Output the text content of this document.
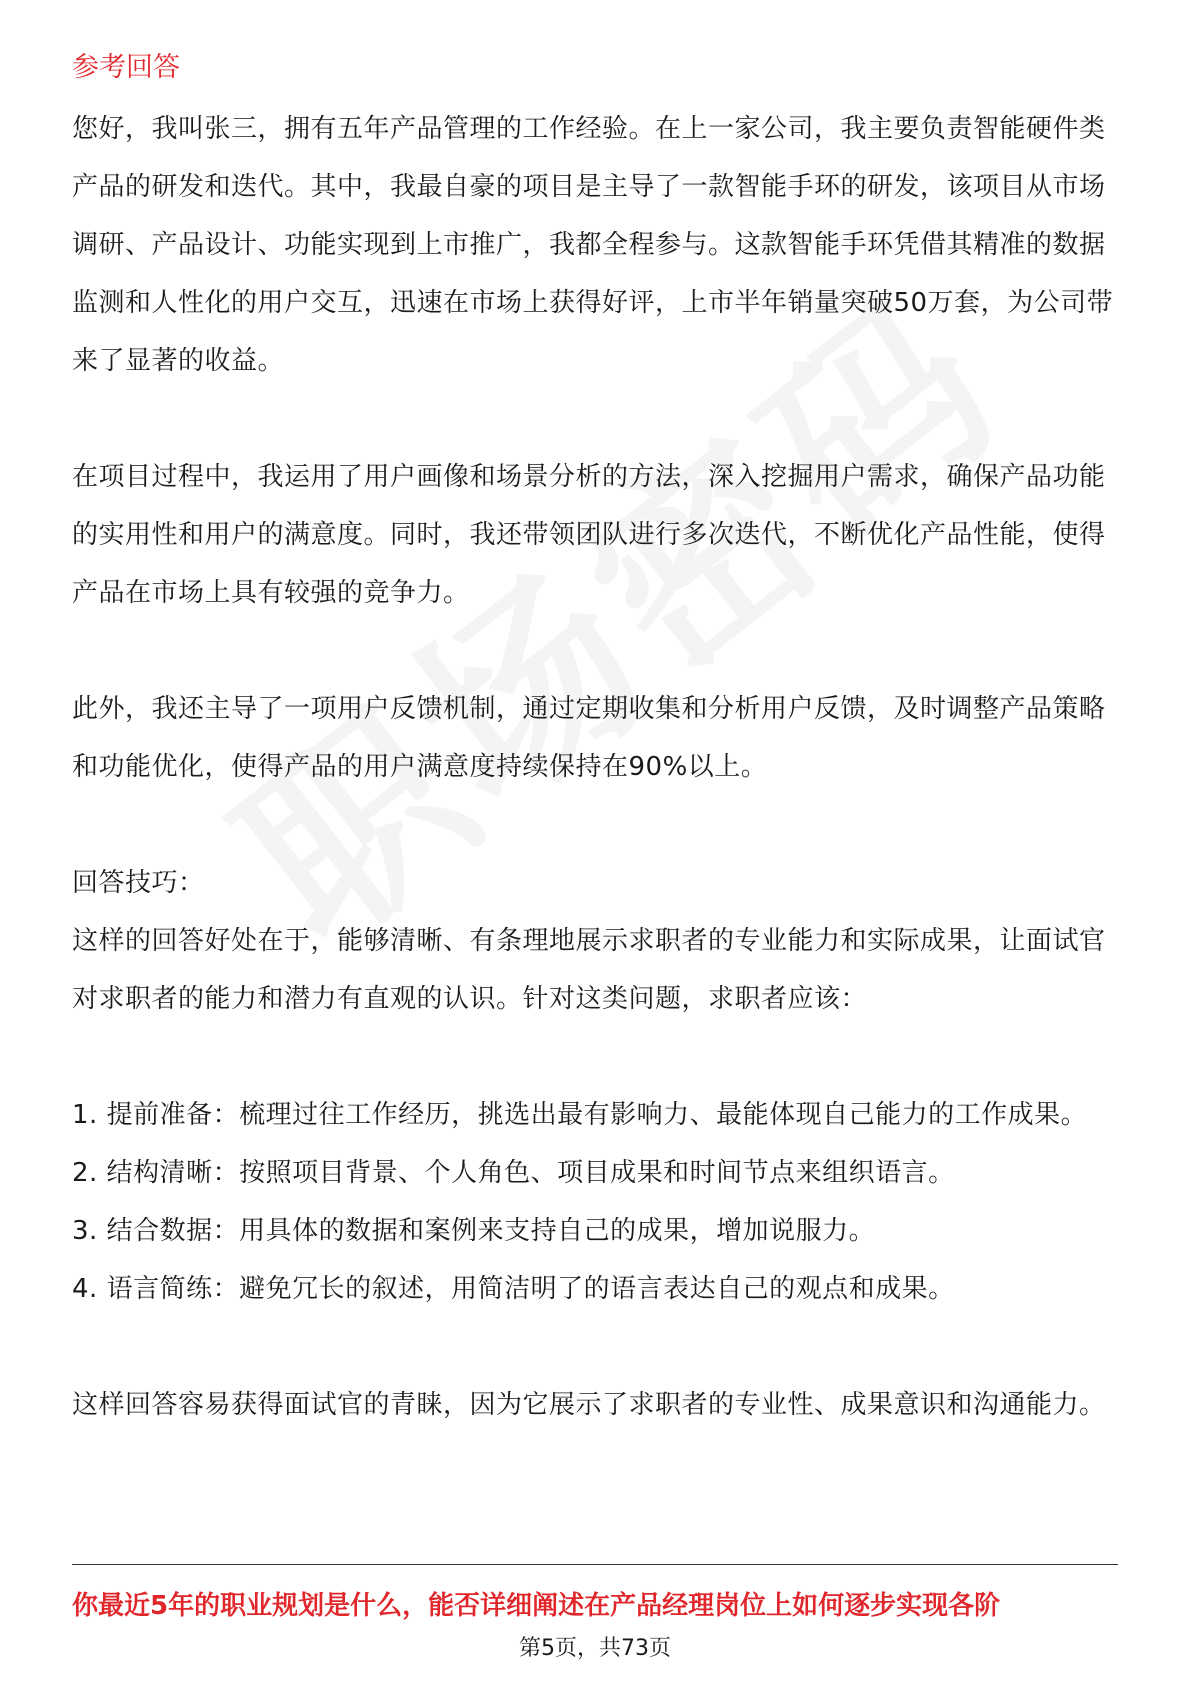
参考回答

您好，我叫张三，拥有五年产品管理的工作经验。在上一家公司，我主要负责智能硬件类产品的研发和迭代。其中，我最自豪的项目是主导了一款智能手环的研发，该项目从市场调研、产品设计、功能实现到上市推广，我都全程参与。这款智能手环凭借其精准的数据监测和人性化的用户交互，迅速在市场上获得好评，上市半年销量突破50万套，为公司带来了显著的收益。

在项目过程中，我运用了用户画像和场景分析的方法，深入挖掘用户需求，确保产品功能的实用性和用户的满意度。同时，我还带领团队进行多次迭代，不断优化产品性能，使得产品在市场上具有较强的竞争力。

此外，我还主导了一项用户反馈机制，通过定期收集和分析用户反馈，及时调整产品策略和功能优化，使得产品的用户满意度持续保持在90%以上。

回答技巧：

这样的回答好处在于，能够清晰、有条理地展示求职者的专业能力和实际成果，让面试官对求职者的能力和潜力有直观的认识。针对这类问题，求职者应该：

1. 提前准备：梳理过往工作经历，挑选出最有影响力、最能体现自己能力的工作成果。

2. 结构清晰：按照项目背景、个人角色、项目成果和时间节点来组织语言。

3. 结合数据：用具体的数据和案例来支持自己的成果，增加说服力。

4. 语言简练：避免冗长的叙述，用简洁明了的语言表达自己的观点和成果。

这样回答容易获得面试官的青睐，因为它展示了求职者的专业性、成果意识和沟通能力。

你最近5年的职业规划是什么，能否详细阐述在产品经理岗位上如何逐步实现各阶
第5页，共73页
